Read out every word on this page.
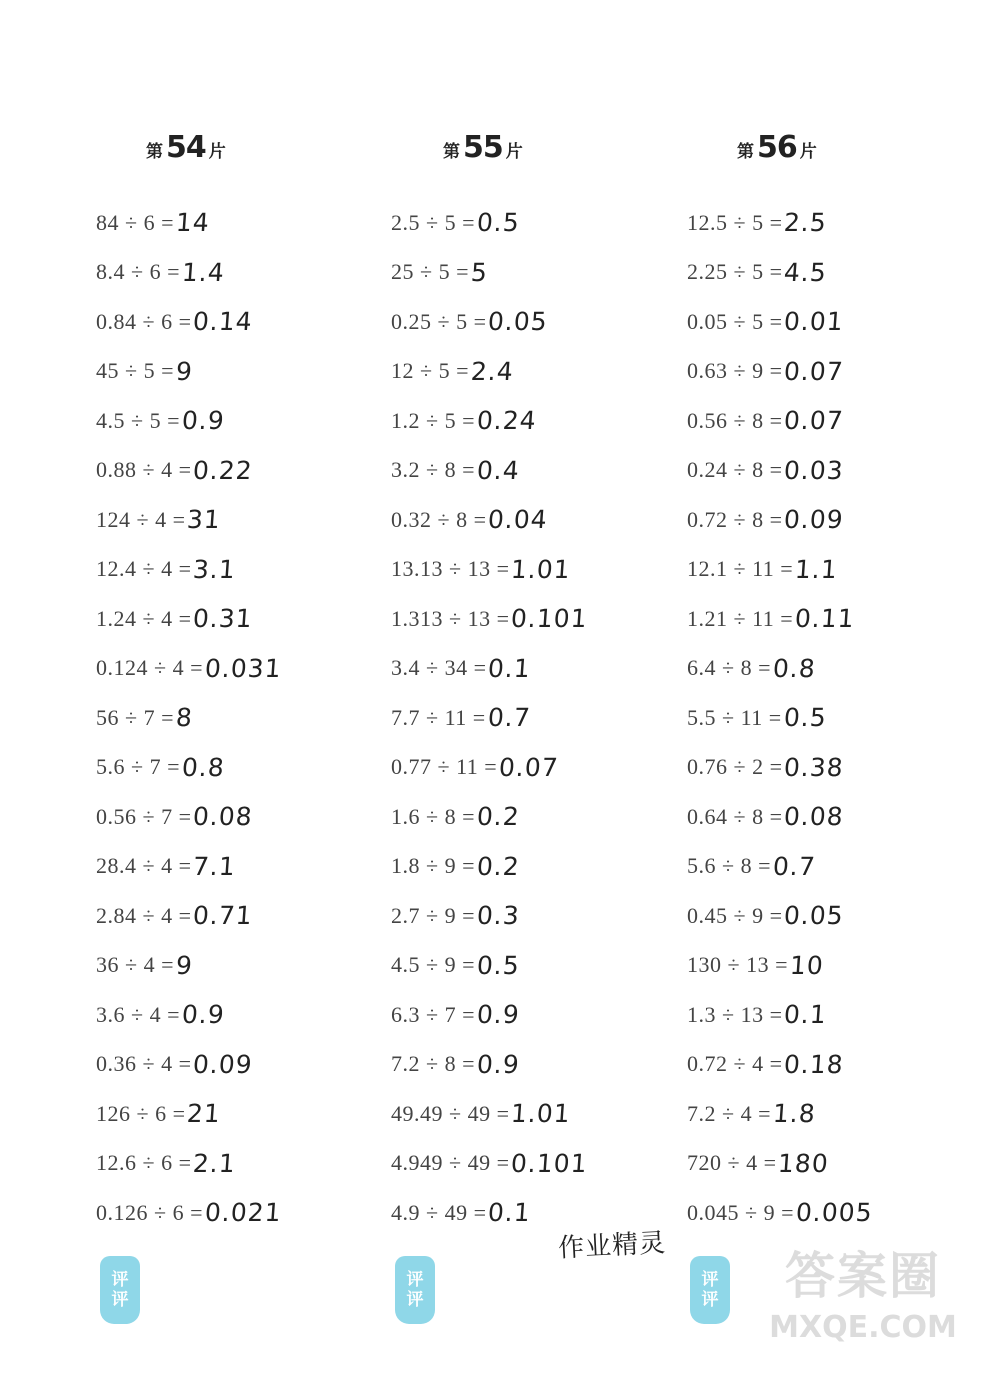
第 54 片
84 ÷ 6 = 14
8.4 ÷ 6 = 1.4
0.84 ÷ 6 = 0.14
45 ÷ 5 = 9
4.5 ÷ 5 = 0.9
0.88 ÷ 4 = 0.22
124 ÷ 4 = 31
12.4 ÷ 4 = 3.1
1.24 ÷ 4 = 0.31
0.124 ÷ 4 = 0.031
56 ÷ 7 = 8
5.6 ÷ 7 = 0.8
0.56 ÷ 7 = 0.08
28.4 ÷ 4 = 7.1
2.84 ÷ 4 = 0.71
36 ÷ 4 = 9
3.6 ÷ 4 = 0.9
0.36 ÷ 4 = 0.09
126 ÷ 6 = 21
12.6 ÷ 6 = 2.1
0.126 ÷ 6 = 0.021
第 55 片
2.5 ÷ 5 = 0.5
25 ÷ 5 = 5
0.25 ÷ 5 = 0.05
12 ÷ 5 = 2.4
1.2 ÷ 5 = 0.24
3.2 ÷ 8 = 0.4
0.32 ÷ 8 = 0.04
13.13 ÷ 13 = 1.01
1.313 ÷ 13 = 0.101
3.4 ÷ 34 = 0.1
7.7 ÷ 11 = 0.7
0.77 ÷ 11 = 0.07
1.6 ÷ 8 = 0.2
1.8 ÷ 9 = 0.2
2.7 ÷ 9 = 0.3
4.5 ÷ 9 = 0.5
6.3 ÷ 7 = 0.9
7.2 ÷ 8 = 0.9
49.49 ÷ 49 = 1.01
4.949 ÷ 49 = 0.101
4.9 ÷ 49 = 0.1
第 56 片
12.5 ÷ 5 = 2.5
2.25 ÷ 5 = 4.5
0.05 ÷ 5 = 0.01
0.63 ÷ 9 = 0.07
0.56 ÷ 8 = 0.07
0.24 ÷ 8 = 0.03
0.72 ÷ 8 = 0.09
12.1 ÷ 11 = 1.1
1.21 ÷ 11 = 0.11
6.4 ÷ 8 = 0.8
5.5 ÷ 11 = 0.5
0.76 ÷ 2 = 0.38
0.64 ÷ 8 = 0.08
5.6 ÷ 8 = 0.7
0.45 ÷ 9 = 0.05
130 ÷ 13 = 10
1.3 ÷ 13 = 0.1
0.72 ÷ 4 = 0.18
7.2 ÷ 4 = 1.8
720 ÷ 4 = 180
0.045 ÷ 9 = 0.005
评
评
评
评
评
评
作业精灵
答案圈
MXQE.COM
